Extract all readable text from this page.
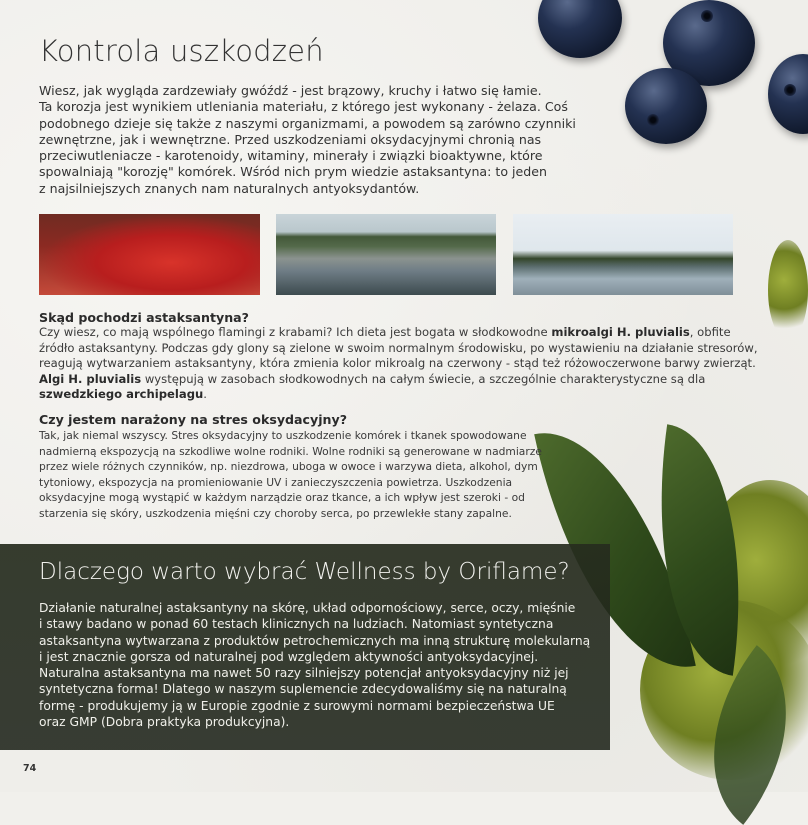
Kontrola uszkodzeń
Wiesz, jak wygląda zardzewiały gwóźdź - jest brązowy, kruchy i łatwo się łamie.
Ta korozja jest wynikiem utleniania materiału, z którego jest wykonany - żelaza. Coś
podobnego dzieje się także z naszymi organizmami, a powodem są zarówno czynniki
zewnętrzne, jak i wewnętrzne. Przed uszkodzeniami oksydacyjnymi chronią nas
przeciwutleniacze - karotenoidy, witaminy, minerały i związki bioaktywne, które
spowalniają "korozję" komórek. Wśród nich prym wiedzie astaksantyna: to jeden
z najsilniejszych znanych nam naturalnych antyoksydantów.
Skąd pochodzi astaksantyna?
Czy wiesz, co mają wspólnego flamingi z krabami? Ich dieta jest bogata w słodkowodne mikroalgi H. pluvialis, obfite
źródło astaksantyny. Podczas gdy glony są zielone w swoim normalnym środowisku, po wystawieniu na działanie stresorów,
reagują wytwarzaniem astaksantyny, która zmienia kolor mikroalg na czerwony - stąd też różowoczerwone barwy zwierząt.
Algi H. pluvialis występują w zasobach słodkowodnych na całym świecie, a szczególnie charakterystyczne są dla
szwedzkiego archipelagu.
Czy jestem narażony na stres oksydacyjny?
Tak, jak niemal wszyscy. Stres oksydacyjny to uszkodzenie komórek i tkanek spowodowane
nadmierną ekspozycją na szkodliwe wolne rodniki. Wolne rodniki są generowane w nadmiarze
przez wiele różnych czynników, np. niezdrowa, uboga w owoce i warzywa dieta, alkohol, dym
tytoniowy, ekspozycja na promieniowanie UV i zanieczyszczenia powietrza. Uszkodzenia
oksydacyjne mogą wystąpić w każdym narządzie oraz tkance, a ich wpływ jest szeroki - od
starzenia się skóry, uszkodzenia mięśni czy choroby serca, po przewlekłe stany zapalne.
Dlaczego warto wybrać Wellness by Oriflame?
Działanie naturalnej astaksantyny na skórę, układ odpornościowy, serce, oczy, mięśnie
i stawy badano w ponad 60 testach klinicznych na ludziach. Natomiast syntetyczna
astaksantyna wytwarzana z produktów petrochemicznych ma inną strukturę molekularną
i jest znacznie gorsza od naturalnej pod względem aktywności antyoksydacyjnej.
Naturalna astaksantyna ma nawet 50 razy silniejszy potencjał antyoksydacyjny niż jej
syntetyczna forma! Dlatego w naszym suplemencie zdecydowaliśmy się na naturalną
formę - produkujemy ją w Europie zgodnie z surowymi normami bezpieczeństwa UE
oraz GMP (Dobra praktyka produkcyjna).
74
